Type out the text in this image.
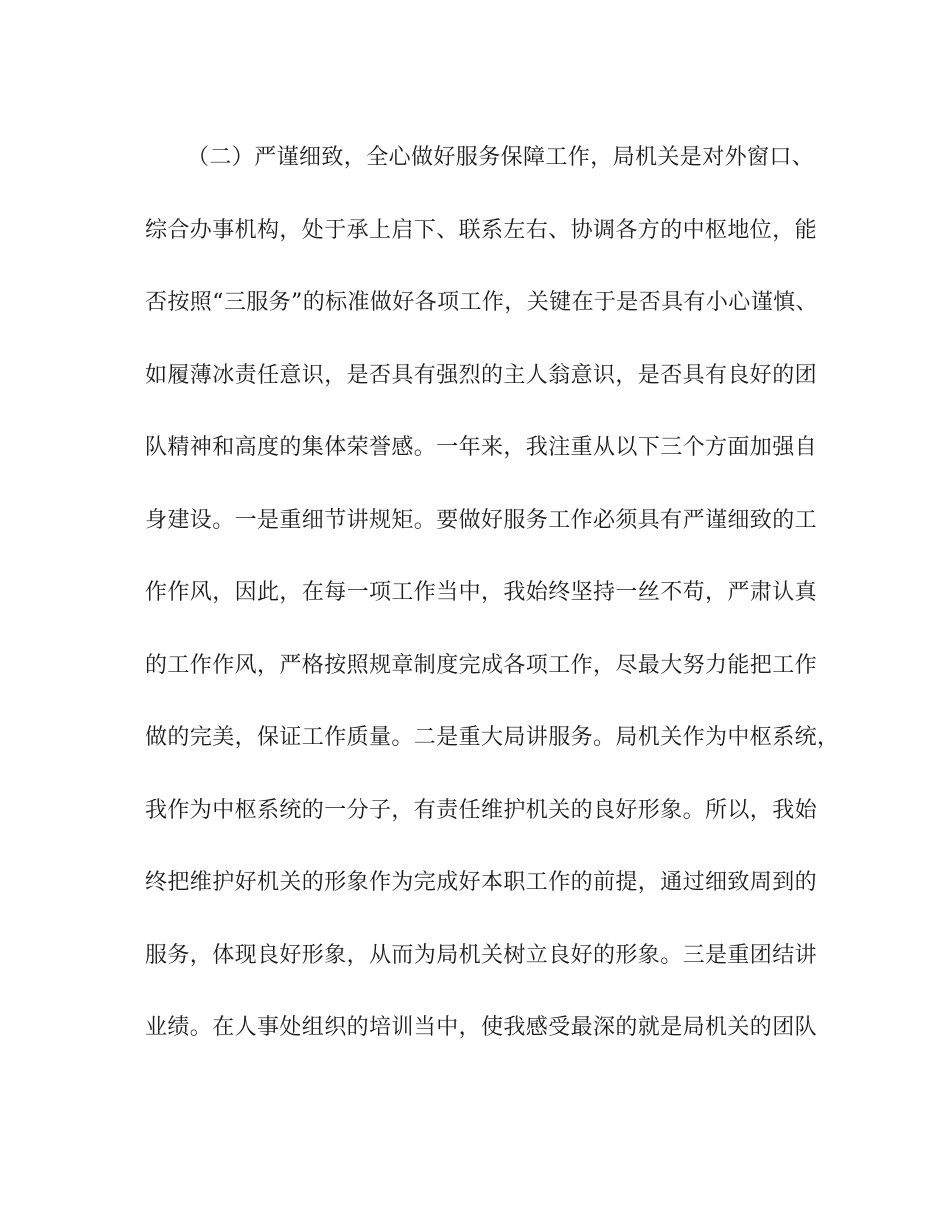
（二）严谨细致，全心做好服务保障工作，局机关是对外窗口、
综合办事机构，处于承上启下、联系左右、协调各方的中枢地位，能
否按照“三服务”的标准做好各项工作，关键在于是否具有小心谨慎、
如履薄冰责任意识，是否具有强烈的主人翁意识，是否具有良好的团
队精神和高度的集体荣誉感。一年来，我注重从以下三个方面加强自
身建设。一是重细节讲规矩。要做好服务工作必须具有严谨细致的工
作作风，因此，在每一项工作当中，我始终坚持一丝不苟，严肃认真
的工作作风，严格按照规章制度完成各项工作，尽最大努力能把工作
做的完美，保证工作质量。二是重大局讲服务。局机关作为中枢系统，
我作为中枢系统的一分子，有责任维护机关的良好形象。所以，我始
终把维护好机关的形象作为完成好本职工作的前提，通过细致周到的
服务，体现良好形象，从而为局机关树立良好的形象。三是重团结讲
业绩。在人事处组织的培训当中，使我感受最深的就是局机关的团队
